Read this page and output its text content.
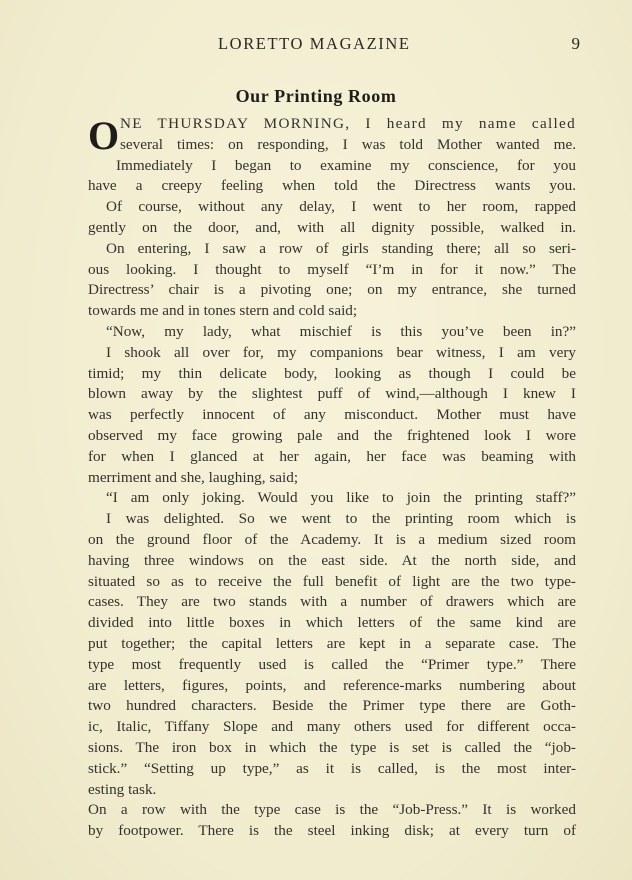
LORETTO MAGAZINE	9
Our Printing Room
O NE THURSDAY MORNING, I heard my name called
several times: on responding, I was told Mother wanted me.
Immediately I began to examine my conscience, for you
have a creepy feeling when told the Directress wants you.
Of course, without any delay, I went to her room, rapped
gently on the door, and, with all dignity possible, walked in.
On entering, I saw a row of girls standing there; all so seri-
ous looking. I thought to myself “I’m in for it now.” The
Directress’ chair is a pivoting one; on my entrance, she turned
towards me and in tones stern and cold said;
“Now, my lady, what mischief is this you’ve been in?”
I shook all over for, my companions bear witness, I am very
timid; my thin delicate body, looking as though I could be
blown away by the slightest puff of wind,—although I knew I
was perfectly innocent of any misconduct. Mother must have
observed my face growing pale and the frightened look I wore
for when I glanced at her again, her face was beaming with
merriment and she, laughing, said;
“I am only joking. Would you like to join the printing staff?”
I was delighted. So we went to the printing room which is
on the ground floor of the Academy. It is a medium sized room
having three windows on the east side. At the north side, and
situated so as to receive the full benefit of light are the two type-
cases. They are two stands with a number of drawers which are
divided into little boxes in which letters of the same kind are
put together; the capital letters are kept in a separate case. The
type most frequently used is called the “Primer type.” There
are letters, figures, points, and reference-marks numbering about
two hundred characters. Beside the Primer type there are Goth-
ic, Italic, Tiffany Slope and many others used for different occa-
sions. The iron box in which the type is set is called the “job-
stick.” “Setting up type,” as it is called, is the most inter-
esting task.
On a row with the type case is the “Job-Press.” It is worked
by footpower. There is the steel inking disk; at every turn of
